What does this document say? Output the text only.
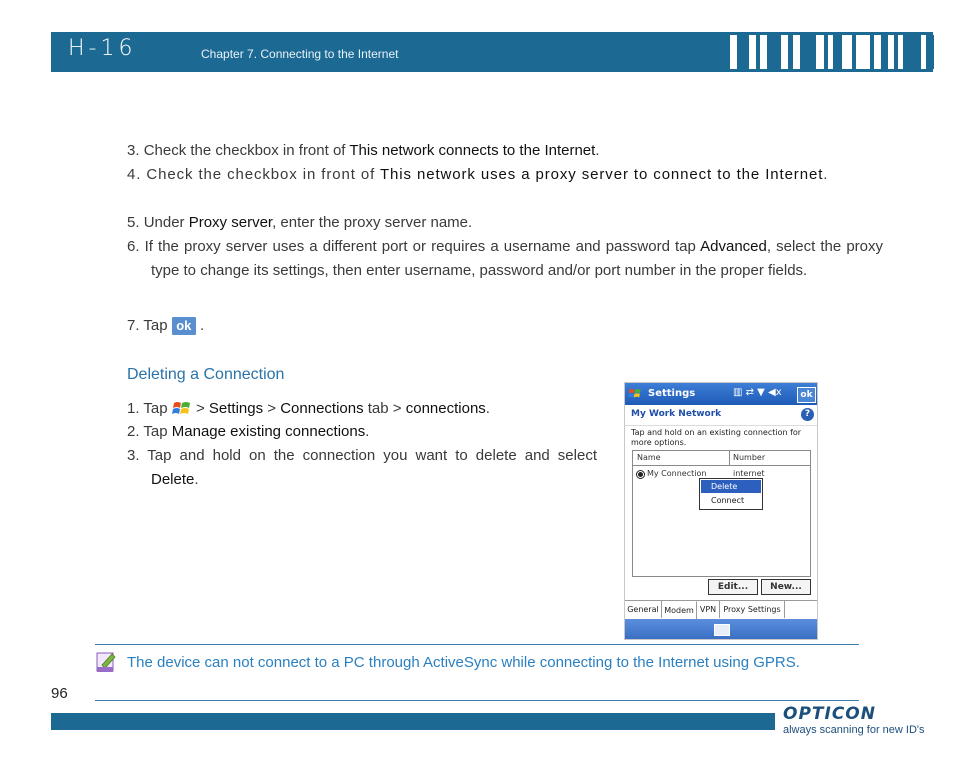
H-16	Chapter 7. Connecting to the Internet
3. Check the checkbox in front of This network connects to the Internet.
4. Check the checkbox in front of This network uses a proxy server to connect to the Internet.
5. Under Proxy server, enter the proxy server name.
6. If the proxy server uses a different port or requires a username and password tap Advanced, select the proxy type to change its settings, then enter username, password and/or port number in the proper fields.
7. Tap ok .
Deleting a Connection
1. Tap > Settings > Connections tab > connections.
2. Tap Manage existing connections.
3. Tap and hold on the connection you want to delete and select Delete.
Settings	▥ ⇄ ▼ ◀x	ok
My Work Network	?
Tap and hold on an existing connection for more options.
Name	Number
My Connection	internet
Delete
Connect
Edit...	New...
General Modem VPN Proxy Settings
The device can not connect to a PC through ActiveSync while connecting to the Internet using GPRS.
96
OPTICON
always scanning for new ID's
